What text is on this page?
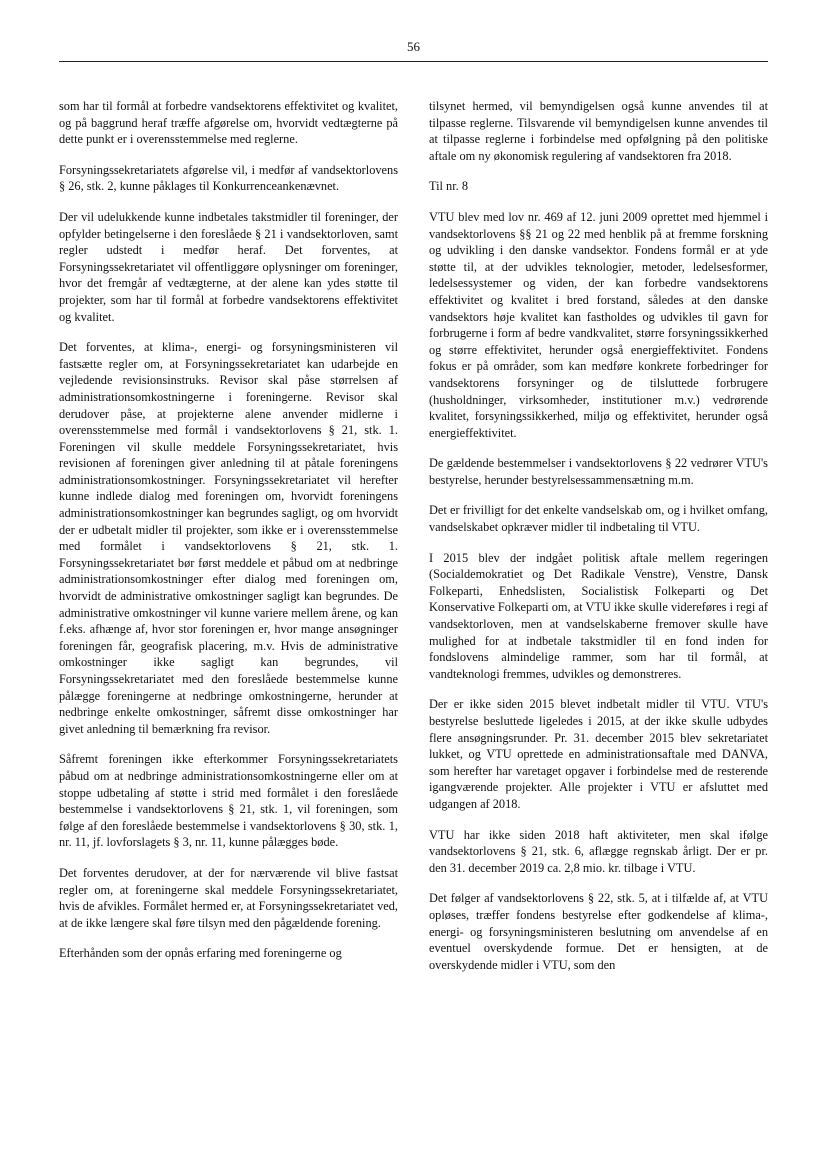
56

som har til formål at forbedre vandsektorens effektivitet og kvalitet, og på baggrund heraf træffe afgørelse om, hvorvidt vedtægterne på dette punkt er i overensstemmelse med reglerne.

Forsyningssekretariatets afgørelse vil, i medfør af vandsektorlovens § 26, stk. 2, kunne påklages til Konkurrenceankenævnet.

Der vil udelukkende kunne indbetales takstmidler til foreninger, der opfylder betingelserne i den foreslåede § 21 i vandsektorloven, samt regler udstedt i medfør heraf. Det forventes, at Forsyningssekretariatet vil offentliggøre oplysninger om foreninger, hvor det fremgår af vedtægterne, at der alene kan ydes støtte til projekter, som har til formål at forbedre vandsektorens effektivitet og kvalitet.

Det forventes, at klima-, energi- og forsyningsministeren vil fastsætte regler om, at Forsyningssekretariatet kan udarbejde en vejledende revisionsinstruks. Revisor skal påse størrelsen af administrationsomkostningerne i foreningerne. Revisor skal derudover påse, at projekterne alene anvender midlerne i overensstemmelse med formål i vandsektorlovens § 21, stk. 1. Foreningen vil skulle meddele Forsyningssekretariatet, hvis revisionen af foreningen giver anledning til at påtale foreningens administrationsomkostninger. Forsyningssekretariatet vil herefter kunne indlede dialog med foreningen om, hvorvidt foreningens administrationsomkostninger kan begrundes sagligt, og om hvorvidt der er udbetalt midler til projekter, som ikke er i overensstemmelse med formålet i vandsektorlovens § 21, stk. 1. Forsyningssekretariatet bør først meddele et påbud om at nedbringe administrationsomkostninger efter dialog med foreningen om, hvorvidt de administrative omkostninger sagligt kan begrundes. De administrative omkostninger vil kunne variere mellem årene, og kan f.eks. afhænge af, hvor stor foreningen er, hvor mange ansøgninger foreningen får, geografisk placering, m.v. Hvis de administrative omkostninger ikke sagligt kan begrundes, vil Forsyningssekretariatet med den foreslåede bestemmelse kunne pålægge foreningerne at nedbringe omkostningerne, herunder at nedbringe enkelte omkostninger, såfremt disse omkostninger har givet anledning til bemærkning fra revisor.

Såfremt foreningen ikke efterkommer Forsyningssekretariatets påbud om at nedbringe administrationsomkostningerne eller om at stoppe udbetaling af støtte i strid med formålet i den foreslåede bestemmelse i vandsektorlovens § 21, stk. 1, vil foreningen, som følge af den foreslåede bestemmelse i vandsektorlovens § 30, stk. 1, nr. 11, jf. lovforslagets § 3, nr. 11, kunne pålægges bøde.

Det forventes derudover, at der for nærværende vil blive fastsat regler om, at foreningerne skal meddele Forsyningssekretariatet, hvis de afvikles. Formålet hermed er, at Forsyningssekretariatet ved, at de ikke længere skal føre tilsyn med den pågældende forening.

Efterhånden som der opnås erfaring med foreningerne og

tilsynet hermed, vil bemyndigelsen også kunne anvendes til at tilpasse reglerne. Tilsvarende vil bemyndigelsen kunne anvendes til at tilpasse reglerne i forbindelse med opfølgning på den politiske aftale om ny økonomisk regulering af vandsektoren fra 2018.

Til nr. 8

VTU blev med lov nr. 469 af 12. juni 2009 oprettet med hjemmel i vandsektorlovens §§ 21 og 22 med henblik på at fremme forskning og udvikling i den danske vandsektor. Fondens formål er at yde støtte til, at der udvikles teknologier, metoder, ledelsesformer, ledelsessystemer og viden, der kan forbedre vandsektorens effektivitet og kvalitet i bred forstand, således at den danske vandsektors høje kvalitet kan fastholdes og udvikles til gavn for forbrugerne i form af bedre vandkvalitet, større forsyningssikkerhed og større effektivitet, herunder også energieffektivitet. Fondens fokus er på områder, som kan medføre konkrete forbedringer for vandsektorens forsyninger og de tilsluttede forbrugere (husholdninger, virksomheder, institutioner m.v.) vedrørende kvalitet, forsyningssikkerhed, miljø og effektivitet, herunder også energieffektivitet.

De gældende bestemmelser i vandsektorlovens § 22 vedrører VTU's bestyrelse, herunder bestyrelsessammensætning m.m.

Det er frivilligt for det enkelte vandselskab om, og i hvilket omfang, vandselskabet opkræver midler til indbetaling til VTU.

I 2015 blev der indgået politisk aftale mellem regeringen (Socialdemokratiet og Det Radikale Venstre), Venstre, Dansk Folkeparti, Enhedslisten, Socialistisk Folkeparti og Det Konservative Folkeparti om, at VTU ikke skulle videreføres i regi af vandsektorloven, men at vandselskaberne fremover skulle have mulighed for at indbetale takstmidler til en fond inden for fondslovens almindelige rammer, som har til formål, at vandteknologi fremmes, udvikles og demonstreres.

Der er ikke siden 2015 blevet indbetalt midler til VTU. VTU's bestyrelse besluttede ligeledes i 2015, at der ikke skulle udbydes flere ansøgningsrunder. Pr. 31. december 2015 blev sekretariatet lukket, og VTU oprettede en administrationsaftale med DANVA, som herefter har varetaget opgaver i forbindelse med de resterende igangværende projekter. Alle projekter i VTU er afsluttet med udgangen af 2018.

VTU har ikke siden 2018 haft aktiviteter, men skal ifølge vandsektorlovens § 21, stk. 6, aflægge regnskab årligt. Der er pr. den 31. december 2019 ca. 2,8 mio. kr. tilbage i VTU.

Det følger af vandsektorlovens § 22, stk. 5, at i tilfælde af, at VTU opløses, træffer fondens bestyrelse efter godkendelse af klima-, energi- og forsyningsministeren beslutning om anvendelse af en eventuel overskydende formue. Det er hensigten, at de overskydende midler i VTU, som den
